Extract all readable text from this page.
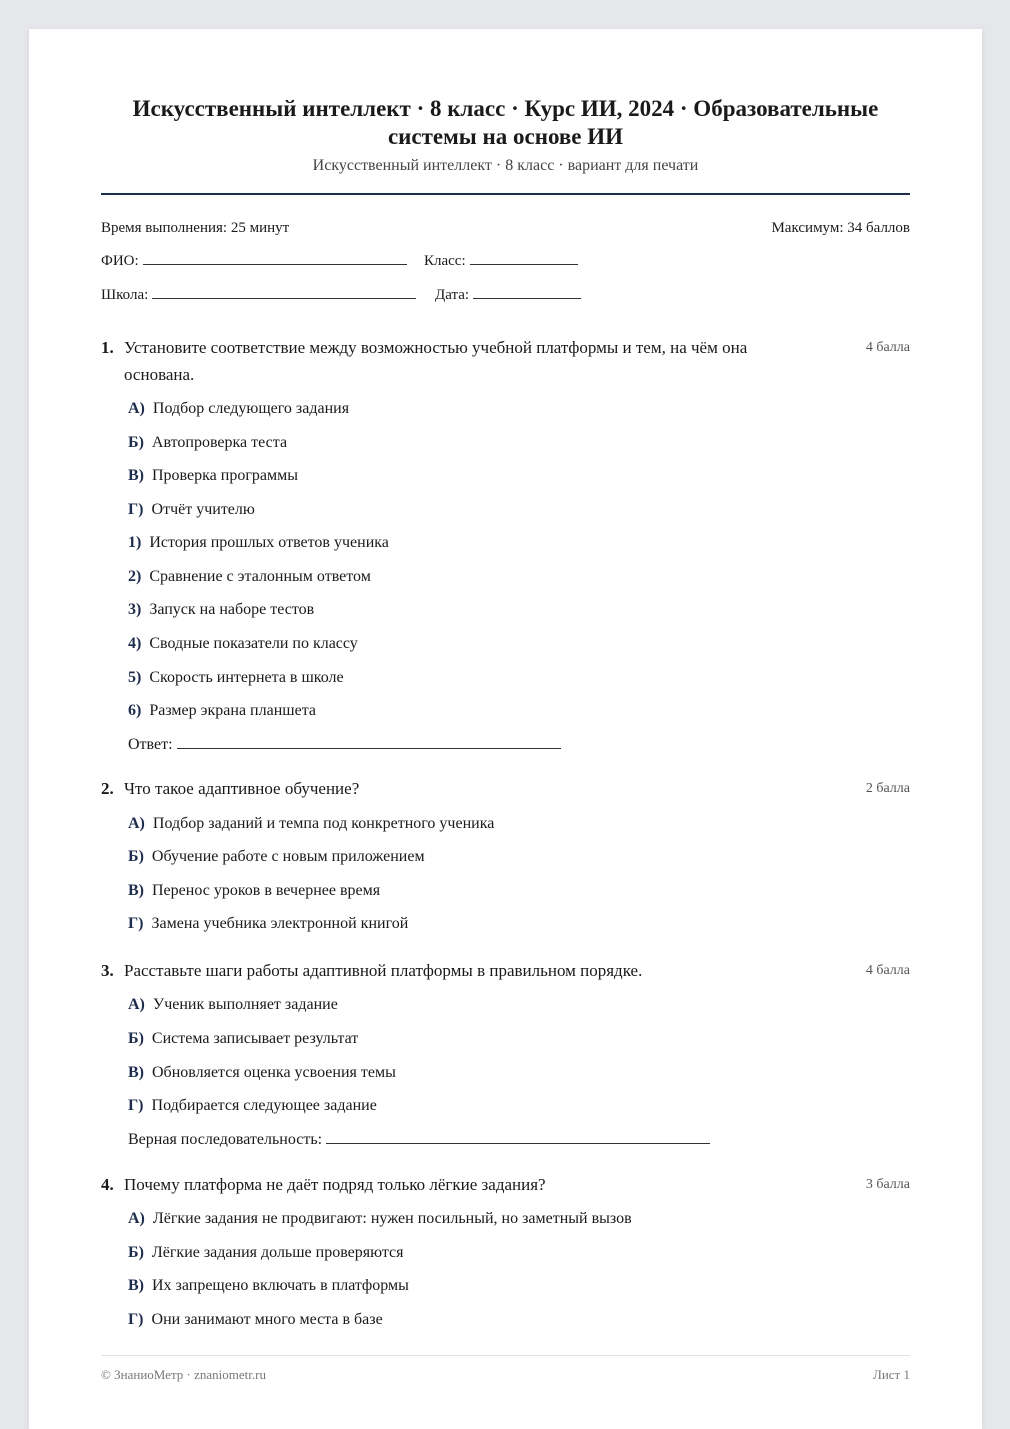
Искусственный интеллект · 8 класс · Курс ИИ, 2024 · Образовательные системы на основе ИИ
Искусственный интеллект · 8 класс · вариант для печати
Время выполнения: 25 минут	Максимум: 34 баллов
ФИО:	Класс:
Школа:	Дата:
1. Установите соответствие между возможностью учебной платформы и тем, на чём она основана.
4 балла
А) Подбор следующего задания
Б) Автопроверка теста
В) Проверка программы
Г) Отчёт учителю
1) История прошлых ответов ученика
2) Сравнение с эталонным ответом
3) Запуск на наборе тестов
4) Сводные показатели по классу
5) Скорость интернета в школе
6) Размер экрана планшета
Ответ:
2. Что такое адаптивное обучение?	2 балла
А) Подбор заданий и темпа под конкретного ученика
Б) Обучение работе с новым приложением
В) Перенос уроков в вечернее время
Г) Замена учебника электронной книгой
3. Расставьте шаги работы адаптивной платформы в правильном порядке.	4 балла
А) Ученик выполняет задание
Б) Система записывает результат
В) Обновляется оценка усвоения темы
Г) Подбирается следующее задание
Верная последовательность:
4. Почему платформа не даёт подряд только лёгкие задания?	3 балла
А) Лёгкие задания не продвигают: нужен посильный, но заметный вызов
Б) Лёгкие задания дольше проверяются
В) Их запрещено включать в платформы
Г) Они занимают много места в базе
© ЗнаниоМетр · znaniometr.ru	Лист 1
